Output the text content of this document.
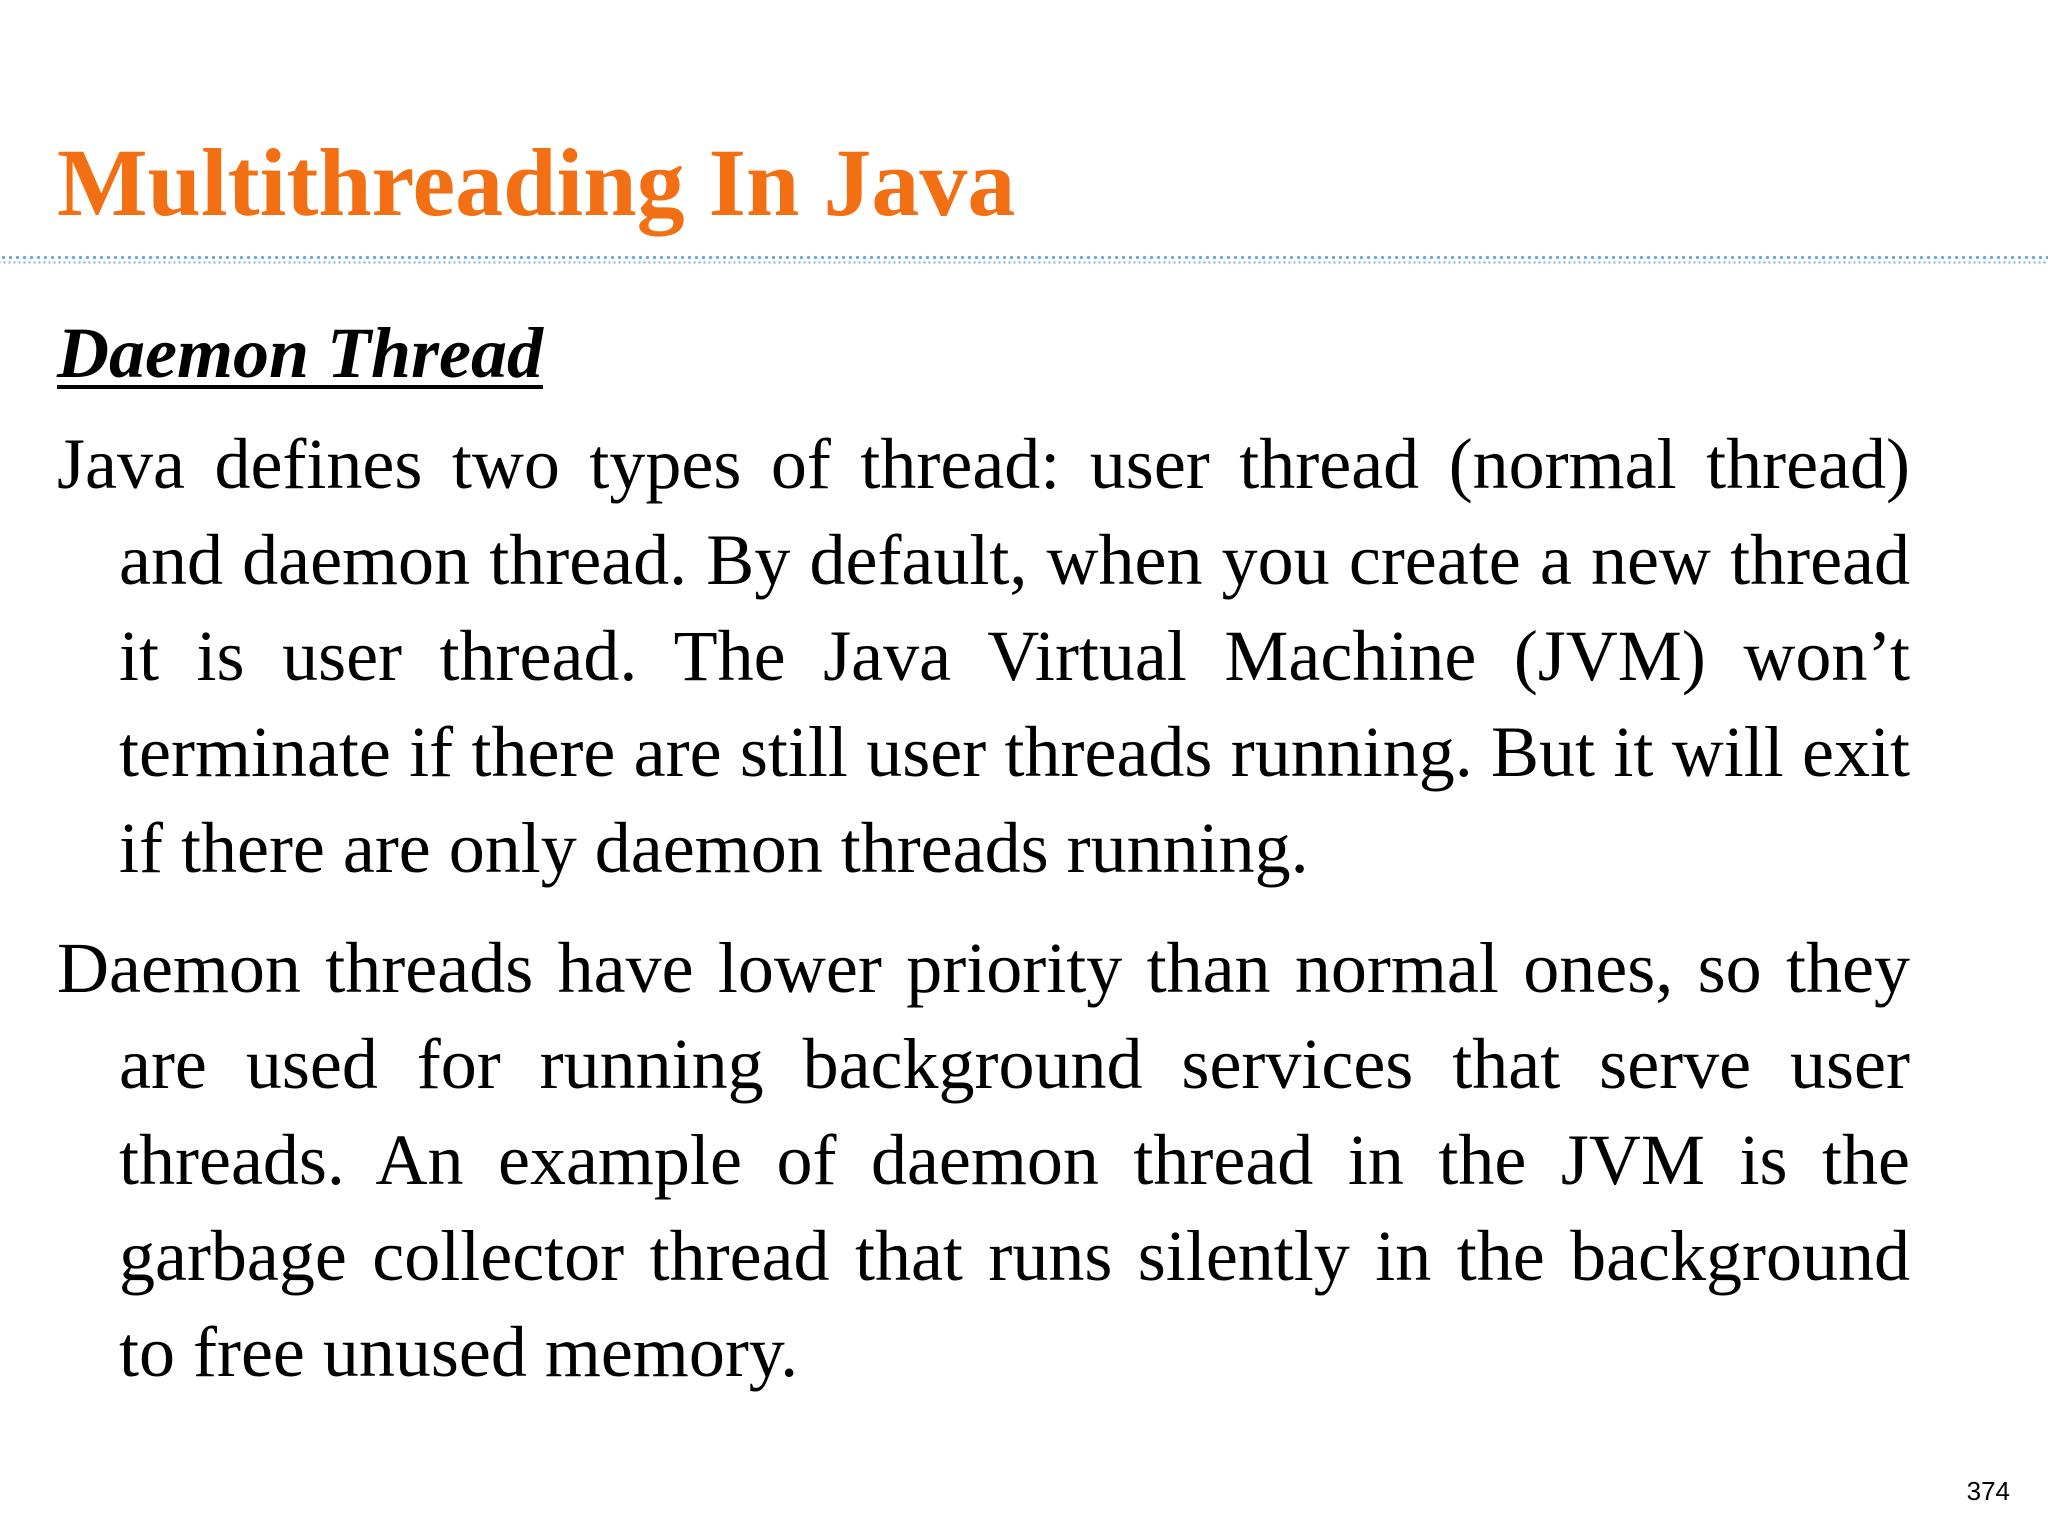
Multithreading In Java
Daemon Thread

Java defines two types of thread: user thread (normal thread) and daemon thread. By default, when you create a new thread it is user thread. The Java Virtual Machine (JVM) won’t terminate if there are still user threads running. But it will exit if there are only daemon threads running.

Daemon threads have lower priority than normal ones, so they are used for running background services that serve user threads. An example of daemon thread in the JVM is the garbage collector thread that runs silently in the background to free unused memory.

374
